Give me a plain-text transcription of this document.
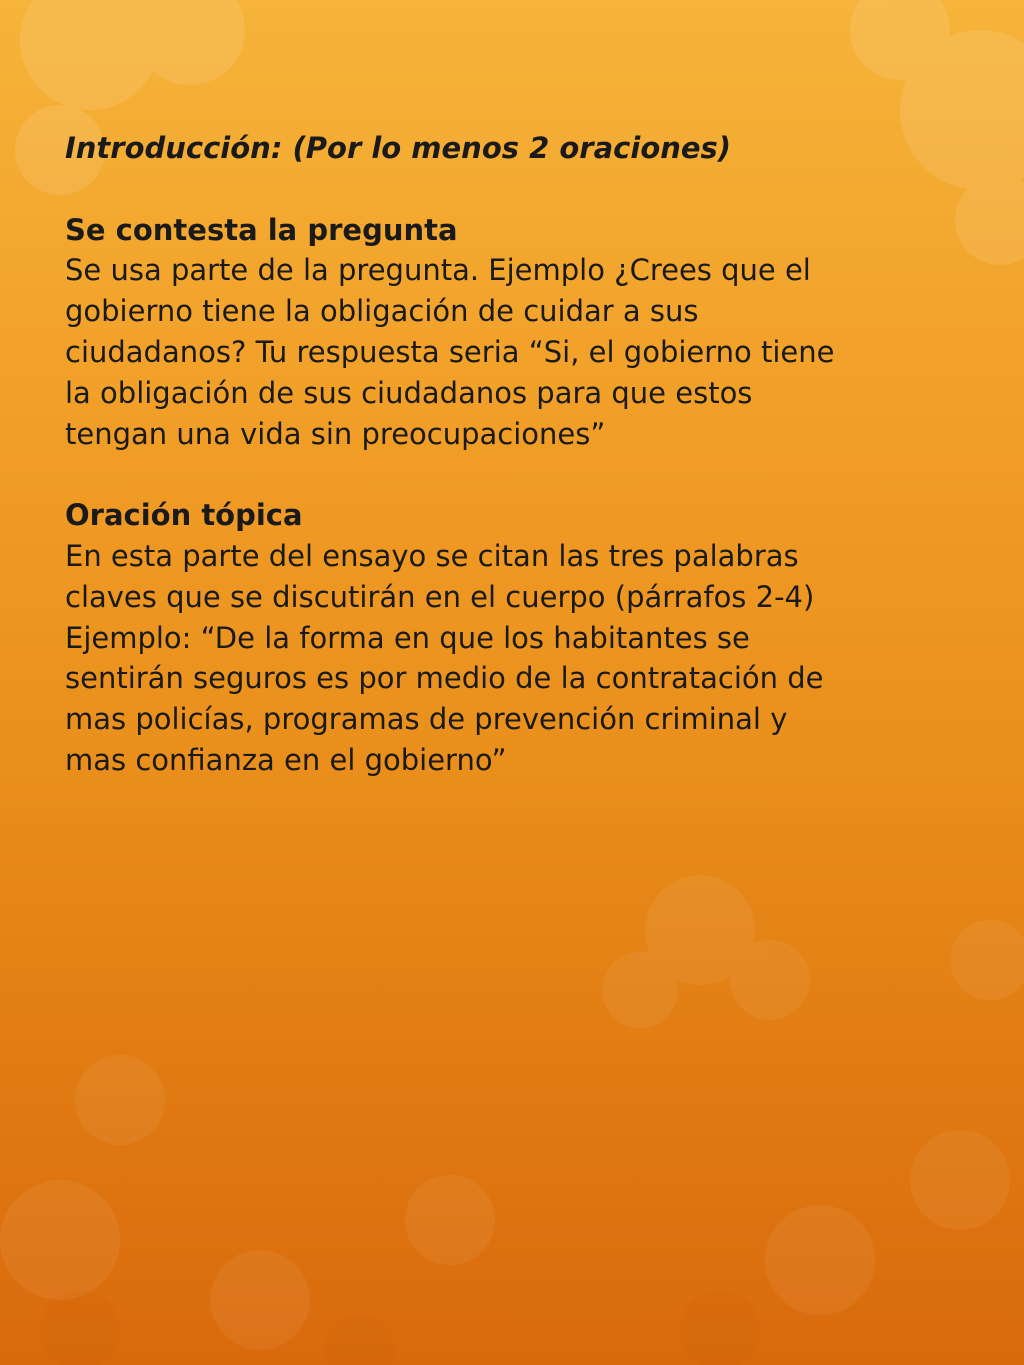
Introducción: (Por lo menos 2 oraciones)

Se contesta la pregunta

Se usa parte de la pregunta. Ejemplo ¿Crees que el

gobierno tiene la obligación de cuidar a sus

ciudadanos? Tu respuesta seria “Si, el gobierno tiene

la obligación de sus ciudadanos para que estos

tengan una vida sin preocupaciones”

Oración tópica

En esta parte del ensayo se citan las tres palabras

claves que se discutirán en el cuerpo (párrafos 2-4)

Ejemplo: “De la forma en que los habitantes se

sentirán seguros es por medio de la contratación de

mas policías, programas de prevención criminal y

mas confianza en el gobierno”
